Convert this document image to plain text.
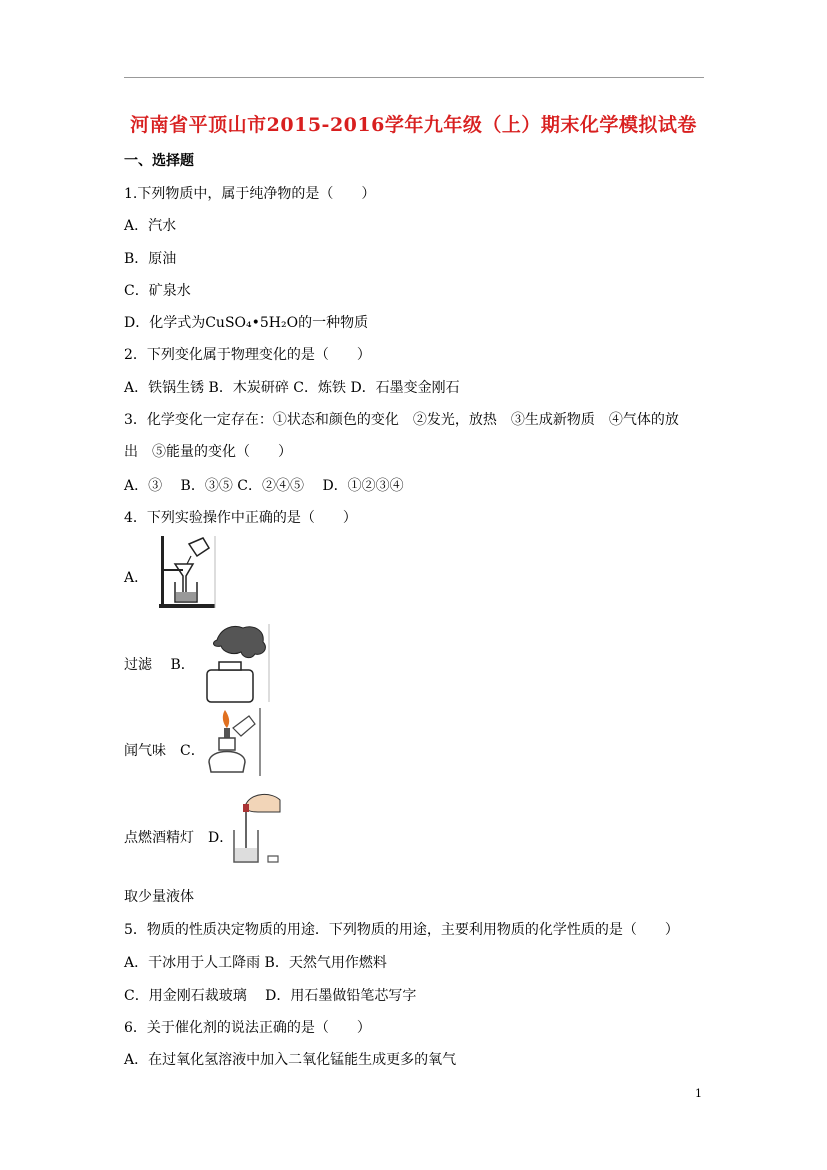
河南省平顶山市2015-2016学年九年级（上）期末化学模拟试卷
一、选择题
1.下列物质中，属于纯净物的是（　　）
A．汽水
B．原油
C．矿泉水
D．化学式为CuSO₄•5H₂O的一种物质
2．下列变化属于物理变化的是（　　）
A．铁锅生锈 B．木炭研碎 C．炼铁 D．石墨变金刚石
3．化学变化一定存在：①状态和颜色的变化　②发光，放热　③生成新物质　④气体的放
出　⑤能量的变化（　　）
A．③　 B．③⑤ C．②④⑤　 D．①②③④
4．下列实验操作中正确的是（　　）
A．
过滤　 B．
闻气味　C．
点燃酒精灯　D．
取少量液体
5．物质的性质决定物质的用途．下列物质的用途，主要利用物质的化学性质的是（　　）
A．干冰用于人工降雨 B．天然气用作燃料
C．用金刚石裁玻璃　 D．用石墨做铅笔芯写字
6．关于催化剂的说法正确的是（　　）
A．在过氧化氢溶液中加入二氧化锰能生成更多的氧气
1
